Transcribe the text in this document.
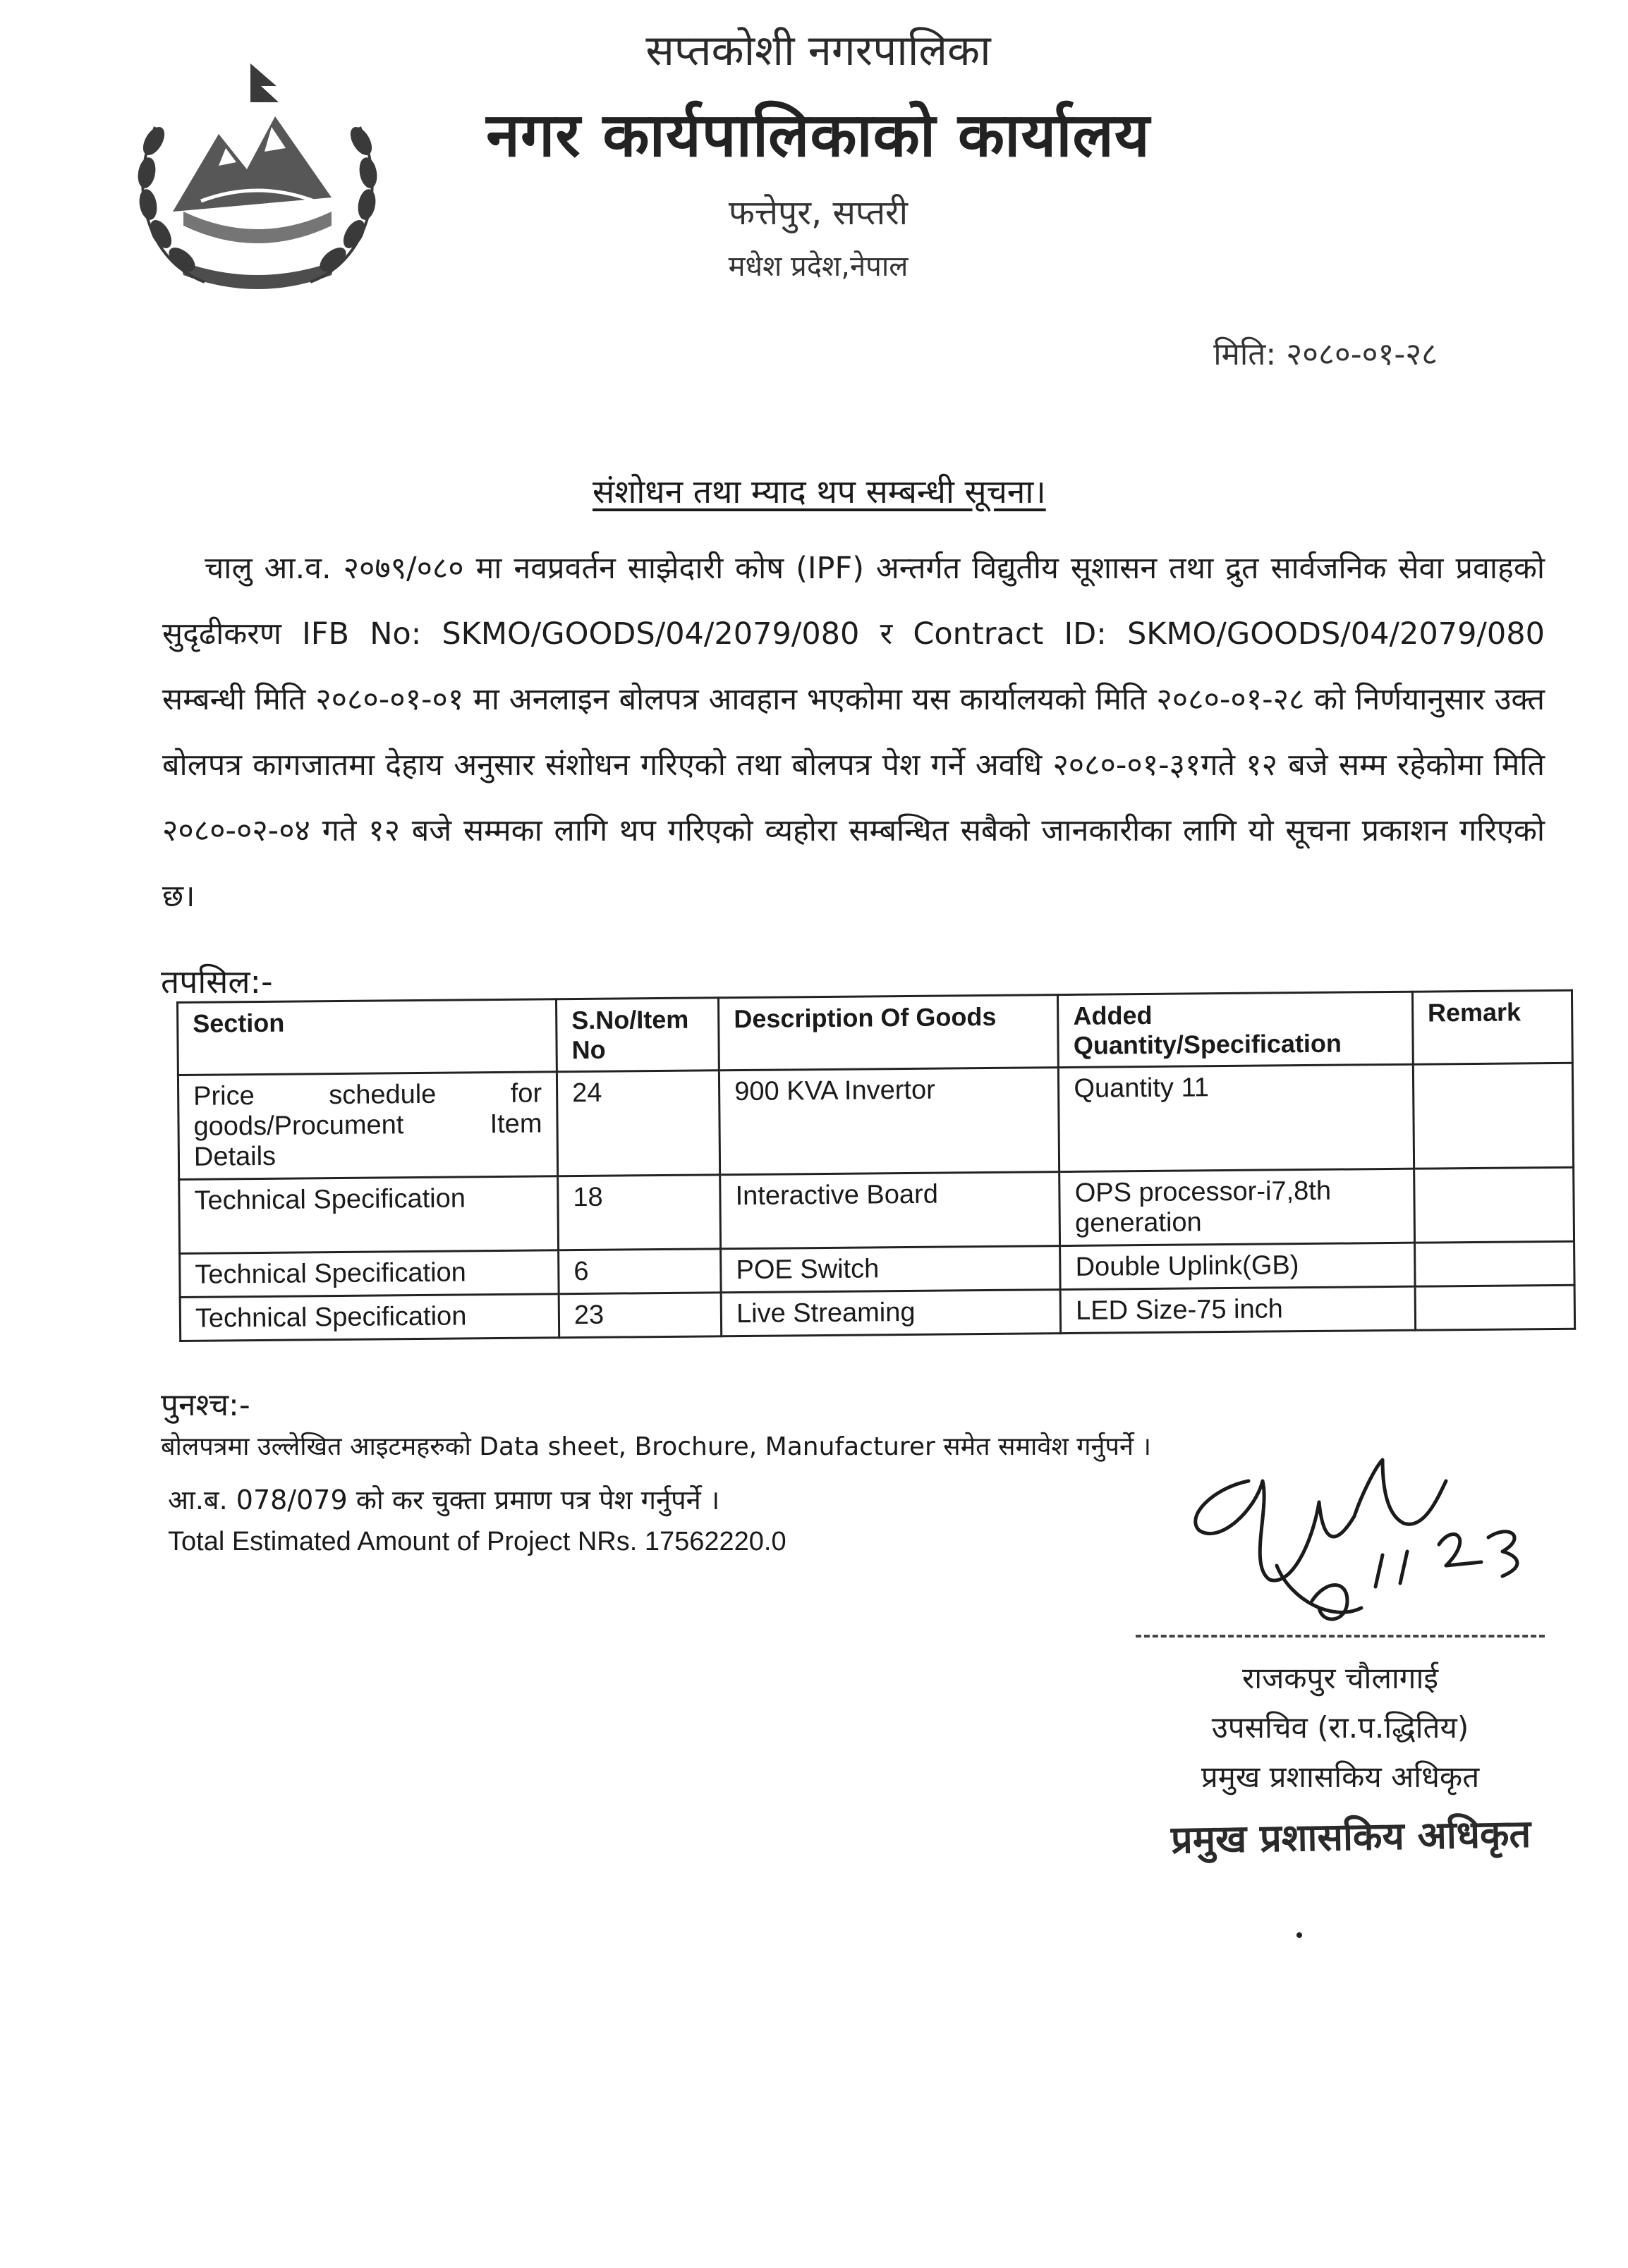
सप्तकोशी नगरपालिका
नगर कार्यपालिकाको कार्यालय
फत्तेपुर, सप्तरी
मधेश प्रदेश,नेपाल
मिति: २०८०-०१-२८
संशोधन तथा म्याद थप सम्बन्धी सूचना।
चालु आ.व. २०७९/०८० मा नवप्रवर्तन साझेदारी कोष (IPF) अन्तर्गत विद्युतीय सूशासन तथा द्रुत सार्वजनिक सेवा प्रवाहको सुदृढीकरण IFB No: SKMO/GOODS/04/2079/080 र Contract ID: SKMO/GOODS/04/2079/080 सम्बन्धी मिति २०८०-०१-०१ मा अनलाइन बोलपत्र आवहान भएकोमा यस कार्यालयको मिति २०८०-०१-२८ को निर्णयानुसार उक्त बोलपत्र कागजातमा देहाय अनुसार संशोधन गरिएको तथा बोलपत्र पेश गर्ने अवधि २०८०-०१-३१गते १२ बजे सम्म रहेकोमा मिति २०८०-०२-०४ गते १२ बजे सम्मका लागि थप गरिएको व्यहोरा सम्बन्धित सबैको जानकारीका लागि यो सूचना प्रकाशन गरिएको छ।
तपसिल:-
Section	S.No/Item No	Description Of Goods	Added Quantity/Specification	Remark
Price schedule for goods/Procument Item Details	24	900 KVA Invertor	Quantity 11	
Technical Specification	18	Interactive Board	OPS processor-i7,8th generation	
Technical Specification	6	POE Switch	Double Uplink(GB)	
Technical Specification	23	Live Streaming	LED Size-75 inch	
पुनश्च:-
बोलपत्रमा उल्लेखित आइटमहरुको Data sheet, Brochure, Manufacturer समेत समावेश गर्नुपर्ने ।
आ.ब. 078/079 को कर चुक्ता प्रमाण पत्र पेश गर्नुपर्ने ।
Total Estimated Amount of Project NRs. 17562220.0
८०।१।२८
राजकपुर चौलागाई
उपसचिव (रा.प.द्धितिय)
प्रमुख प्रशासकिय अधिकृत
प्रमुख प्रशासकिय अधिकृत
